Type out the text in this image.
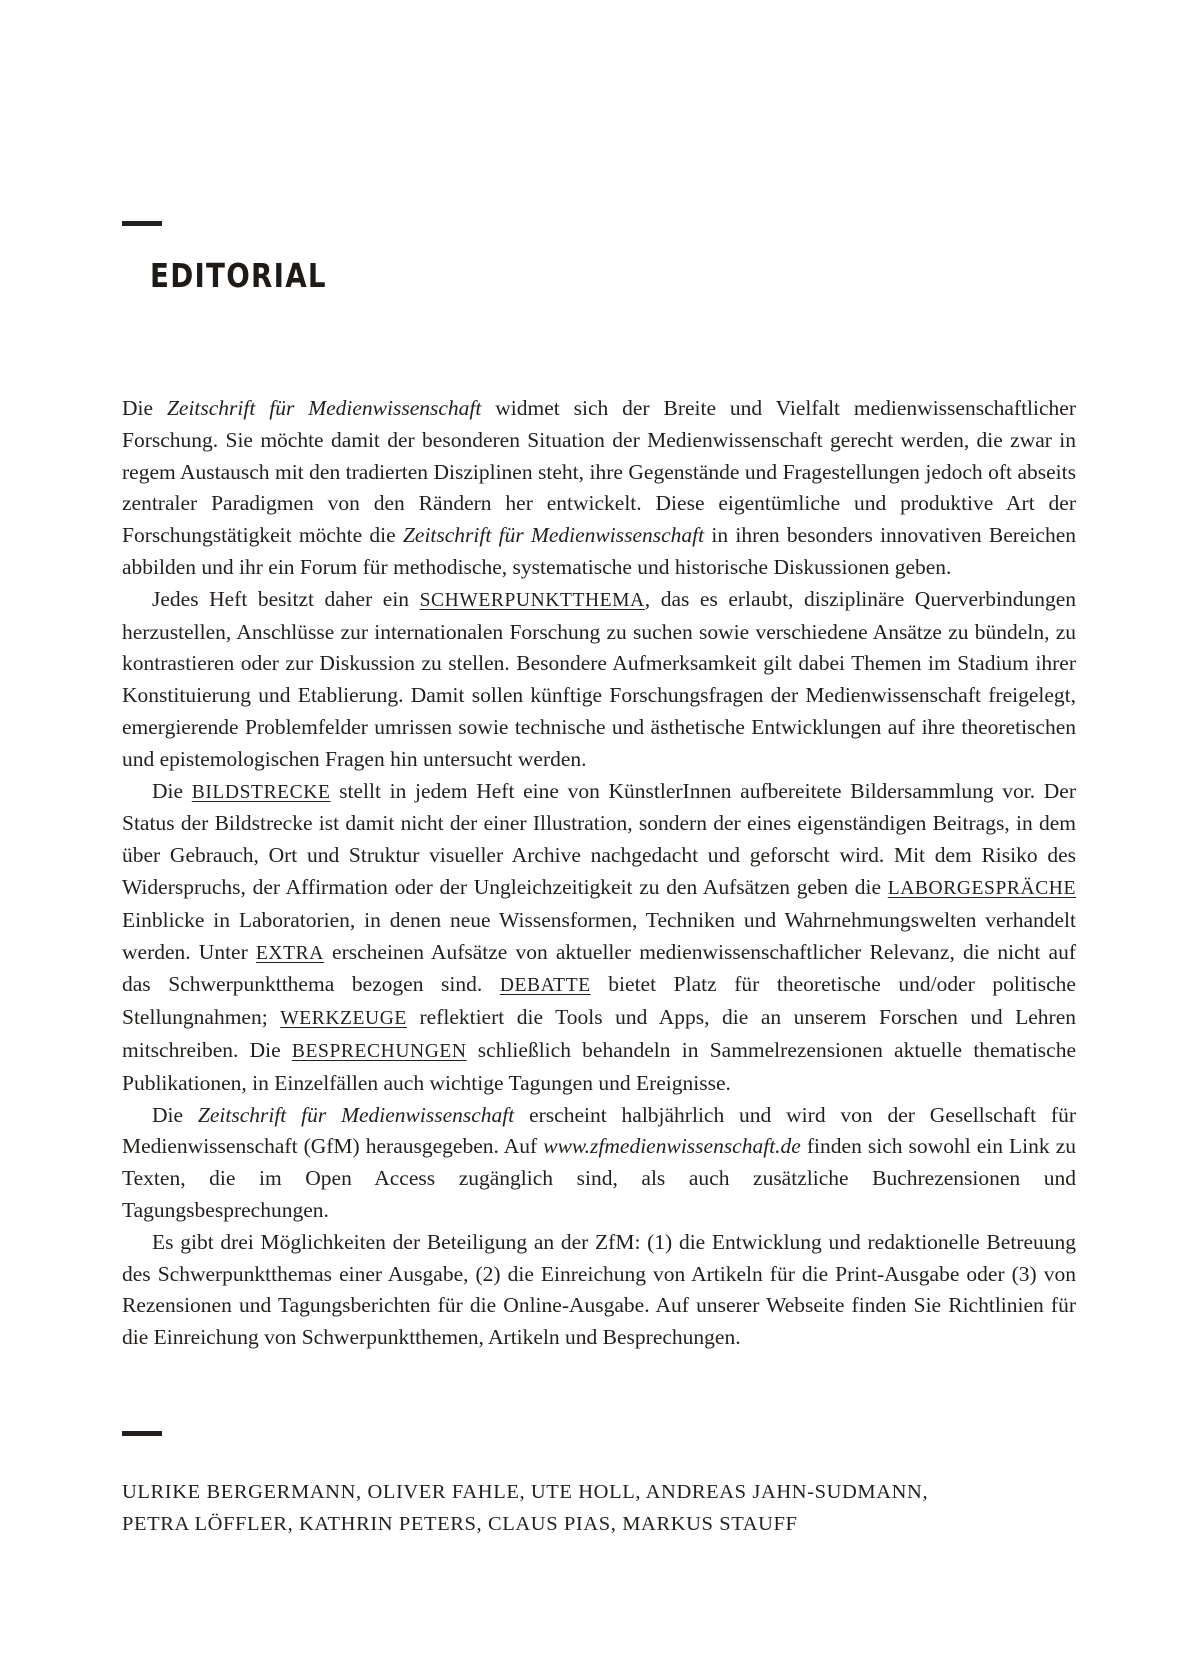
EDITORIAL

Die Zeitschrift für Medienwissenschaft widmet sich der Breite und Vielfalt medienwissenschaftlicher Forschung. Sie möchte damit der besonderen Situation der Medienwissenschaft gerecht werden, die zwar in regem Austausch mit den tradierten Disziplinen steht, ihre Gegenstände und Fragestellungen jedoch oft abseits zentraler Paradigmen von den Rändern her entwickelt. Diese eigentümliche und produktive Art der Forschungstätigkeit möchte die Zeitschrift für Medienwissenschaft in ihren besonders innovativen Bereichen abbilden und ihr ein Forum für methodische, systematische und historische Diskussionen geben.

Jedes Heft besitzt daher ein SCHWERPUNKTTHEMA, das es erlaubt, disziplinäre Querverbindungen herzustellen, Anschlüsse zur internationalen Forschung zu suchen sowie verschiedene Ansätze zu bündeln, zu kontrastieren oder zur Diskussion zu stellen. Besondere Aufmerksamkeit gilt dabei Themen im Stadium ihrer Konstituierung und Etablierung. Damit sollen künftige Forschungsfragen der Medienwissenschaft freigelegt, emergierende Problemfelder umrissen sowie technische und ästhetische Entwicklungen auf ihre theoretischen und epistemologischen Fragen hin untersucht werden.

Die BILDSTRECKE stellt in jedem Heft eine von KünstlerInnen aufbereitete Bildersammlung vor. Der Status der Bildstrecke ist damit nicht der einer Illustration, sondern der eines eigenständigen Beitrags, in dem über Gebrauch, Ort und Struktur visueller Archive nachgedacht und geforscht wird. Mit dem Risiko des Widerspruchs, der Affirmation oder der Ungleichzeitigkeit zu den Aufsätzen geben die LABORGESPRÄCHE Einblicke in Laboratorien, in denen neue Wissensformen, Techniken und Wahrnehmungswelten verhandelt werden. Unter EXTRA erscheinen Aufsätze von aktueller medienwissenschaftlicher Relevanz, die nicht auf das Schwerpunktthema bezogen sind. DEBATTE bietet Platz für theoretische und/oder politische Stellungnahmen; WERKZEUGE reflektiert die Tools und Apps, die an unserem Forschen und Lehren mitschreiben. Die BESPRECHUNGEN schließlich behandeln in Sammelrezensionen aktuelle thematische Publikationen, in Einzelfällen auch wichtige Tagungen und Ereignisse.

Die Zeitschrift für Medienwissenschaft erscheint halbjährlich und wird von der Gesellschaft für Medienwissenschaft (GfM) herausgegeben. Auf www.zfmedienwissenschaft.de finden sich sowohl ein Link zu Texten, die im Open Access zugänglich sind, als auch zusätzliche Buchrezensionen und Tagungsbesprechungen.

Es gibt drei Möglichkeiten der Beteiligung an der ZfM: (1) die Entwicklung und redaktionelle Betreuung des Schwerpunktthemas einer Ausgabe, (2) die Einreichung von Artikeln für die Print-Ausgabe oder (3) von Rezensionen und Tagungsberichten für die Online-Ausgabe. Auf unserer Webseite finden Sie Richtlinien für die Einreichung von Schwerpunktthemen, Artikeln und Besprechungen.

ULRIKE BERGERMANN, OLIVER FAHLE, UTE HOLL, ANDREAS JAHN-SUDMANN,
PETRA LÖFFLER, KATHRIN PETERS, CLAUS PIAS, MARKUS STAUFF
